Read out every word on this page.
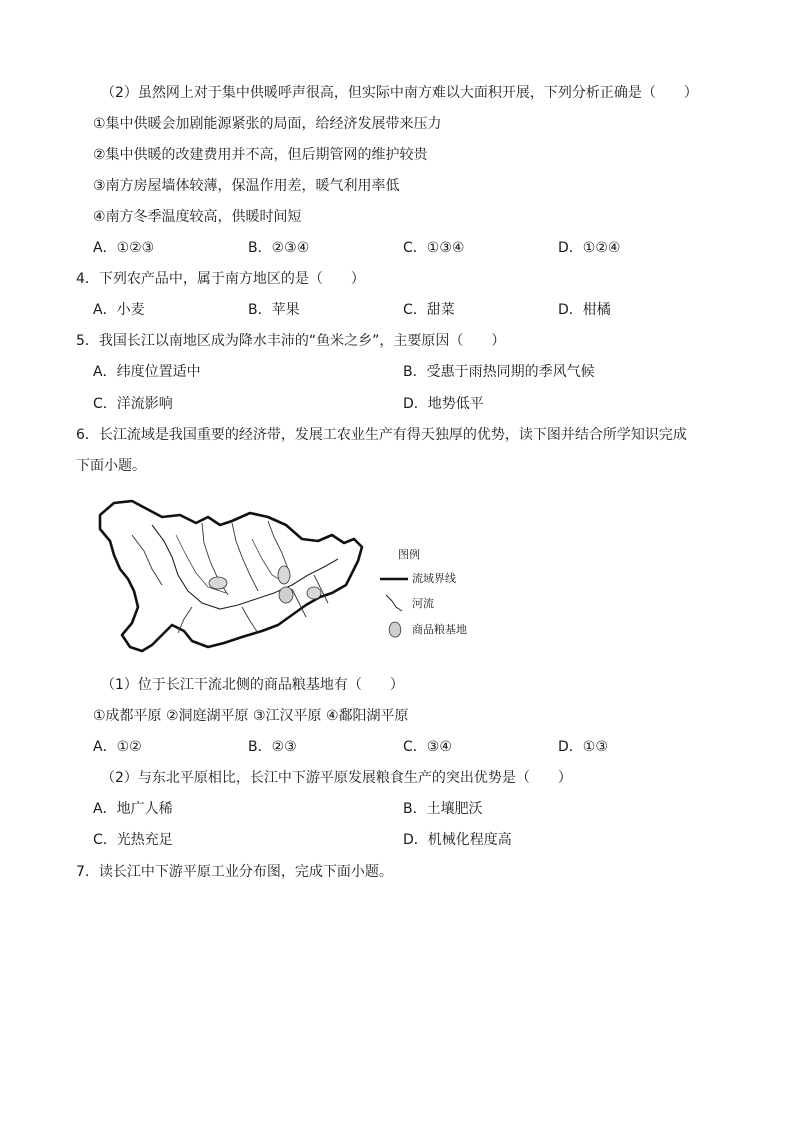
（2）虽然网上对于集中供暖呼声很高，但实际中南方难以大面积开展，下列分析正确是（　　）
①集中供暖会加剧能源紧张的局面，给经济发展带来压力
②集中供暖的改建费用并不高，但后期管网的维护较贵
③南方房屋墙体较薄，保温作用差，暖气利用率低
④南方冬季温度较高，供暖时间短
A．①②③	B．②③④	C．①③④	D．①②④
4．下列农产品中，属于南方地区的是（　　）
A．小麦	B．苹果	C．甜菜	D．柑橘
5．我国长江以南地区成为降水丰沛的“鱼米之乡”，主要原因（　　）
A．纬度位置适中	B．受惠于雨热同期的季风气候
C．洋流影响	D．地势低平
6．长江流域是我国重要的经济带，发展工农业生产有得天独厚的优势，读下图并结合所学知识完成
下面小题。
图例
流域界线
河流
商品粮基地
（1）位于长江干流北侧的商品粮基地有（　　）
①成都平原 ②洞庭湖平原 ③江汉平原 ④鄱阳湖平原
A．①②	B．②③	C．③④	D．①③
（2）与东北平原相比，长江中下游平原发展粮食生产的突出优势是（　　）
A．地广人稀	B．土壤肥沃
C．光热充足	D．机械化程度高
7．读长江中下游平原工业分布图，完成下面小题。
